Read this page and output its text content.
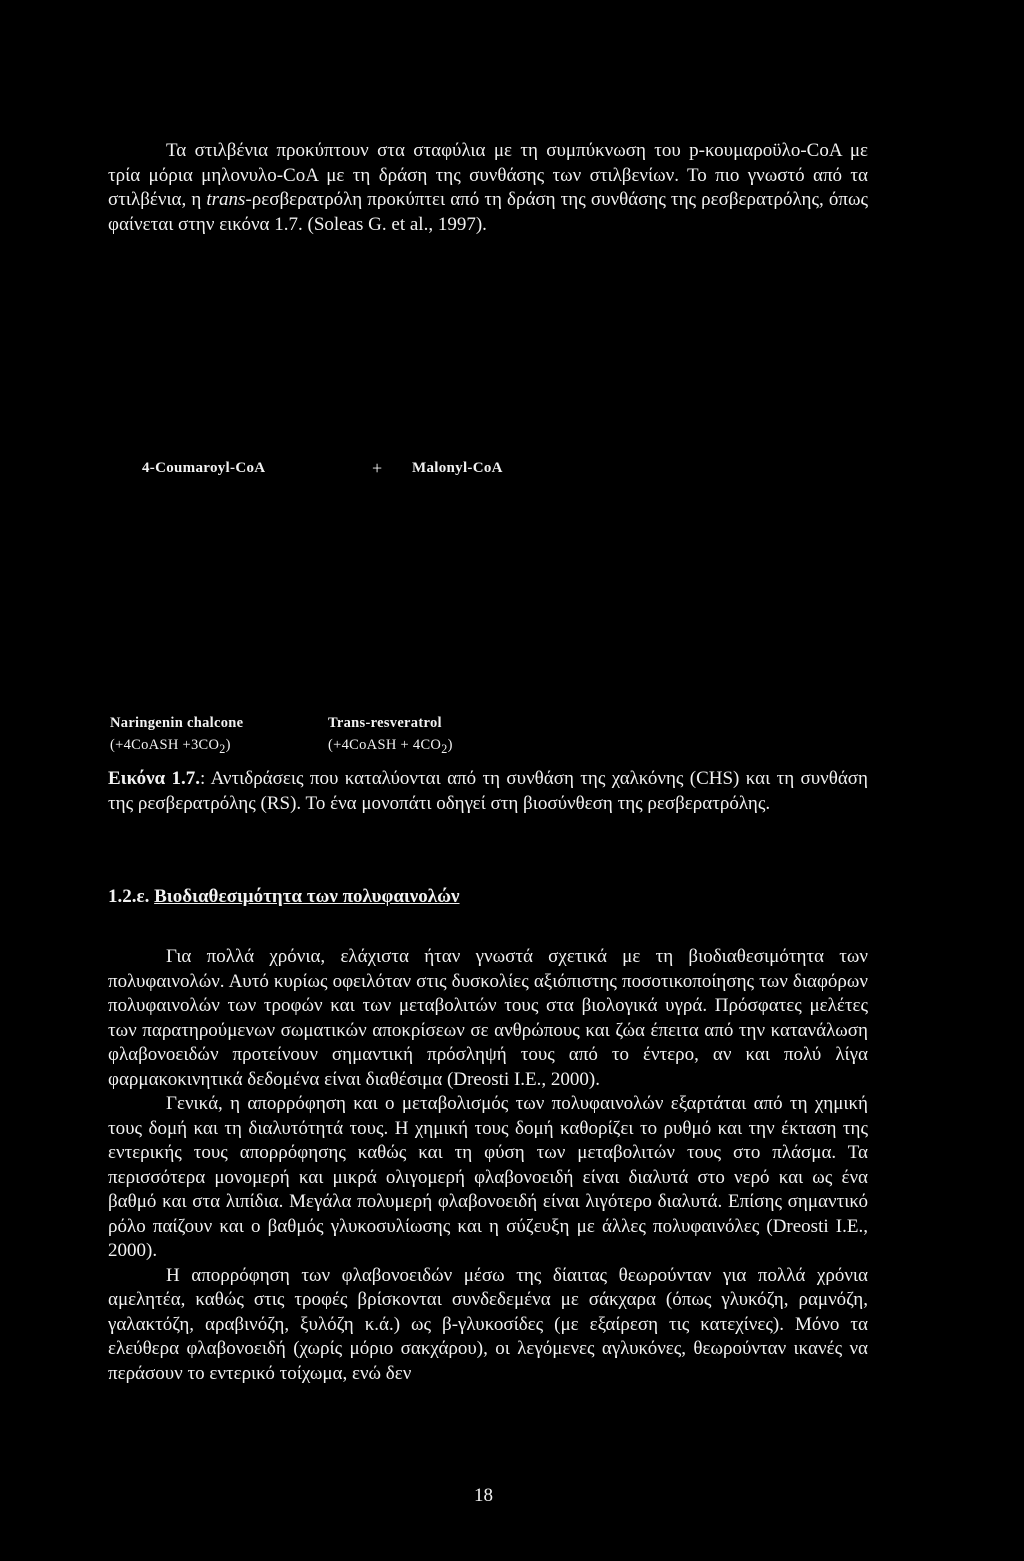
Τα στιλβένια προκύπτουν στα σταφύλια με τη συμπύκνωση του p-κουμαροϋλο-CoA με τρία μόρια μηλονυλο-CoA με τη δράση της συνθάσης των στιλβενίων. Το πιο γνωστό από τα στιλβένια, η trans-ρεσβερατρόλη προκύπτει από τη δράση της συνθάσης της ρεσβερατρόλης, όπως φαίνεται στην εικόνα 1.7. (Soleas G. et al., 1997).

4-Coumaroyl-CoA	+ Malonyl-CoA
Naringenin chalcone
(+4CoASH $+3CO_2$)
Trans-resveratrol
(+4CoASH + $4CO_2$)

Εικόνα 1.7.: Αντιδράσεις που καταλύονται από τη συνθάση της χαλκόνης (CHS) και τη συνθάση της ρεσβερατρόλης (RS). Το ένα μονοπάτι οδηγεί στη βιοσύνθεση της ρεσβερατρόλης.

1.2.ε. Βιοδιαθεσιμότητα των πολυφαινολών

Για πολλά χρόνια, ελάχιστα ήταν γνωστά σχετικά με τη βιοδιαθεσιμότητα των πολυφαινολών. Αυτό κυρίως οφειλόταν στις δυσκολίες αξιόπιστης ποσοτικοποίησης των διαφόρων πολυφαινολών των τροφών και των μεταβολιτών τους στα βιολογικά υγρά. Πρόσφατες μελέτες των παρατηρούμενων σωματικών αποκρίσεων σε ανθρώπους και ζώα έπειτα από την κατανάλωση φλαβονοειδών προτείνουν σημαντική πρόσληψή τους από το έντερο, αν και πολύ λίγα φαρμακοκινητικά δεδομένα είναι διαθέσιμα (Dreosti I.E., 2000).

Γενικά, η απορρόφηση και ο μεταβολισμός των πολυφαινολών εξαρτάται από τη χημική τους δομή και τη διαλυτότητά τους. Η χημική τους δομή καθορίζει το ρυθμό και την έκταση της εντερικής τους απορρόφησης καθώς και τη φύση των μεταβολιτών τους στο πλάσμα. Τα περισσότερα μονομερή και μικρά ολιγομερή φλαβονοειδή είναι διαλυτά στο νερό και ως ένα βαθμό και στα λιπίδια. Μεγάλα πολυμερή φλαβονοειδή είναι λιγότερο διαλυτά. Επίσης σημαντικό ρόλο παίζουν και ο βαθμός γλυκοσυλίωσης και η σύζευξη με άλλες πολυφαινόλες (Dreosti I.E., 2000).

Η απορρόφηση των φλαβονοειδών μέσω της δίαιτας θεωρούνταν για πολλά χρόνια αμελητέα, καθώς στις τροφές βρίσκονται συνδεδεμένα με σάκχαρα (όπως γλυκόζη, ραμνόζη, γαλακτόζη, αραβινόζη, ξυλόζη κ.ά.) ως β-γλυκοσίδες (με εξαίρεση τις κατεχίνες). Μόνο τα ελεύθερα φλαβονοειδή (χωρίς μόριο σακχάρου), οι λεγόμενες αγλυκόνες, θεωρούνταν ικανές να περάσουν το εντερικό τοίχωμα, ενώ δεν

18
